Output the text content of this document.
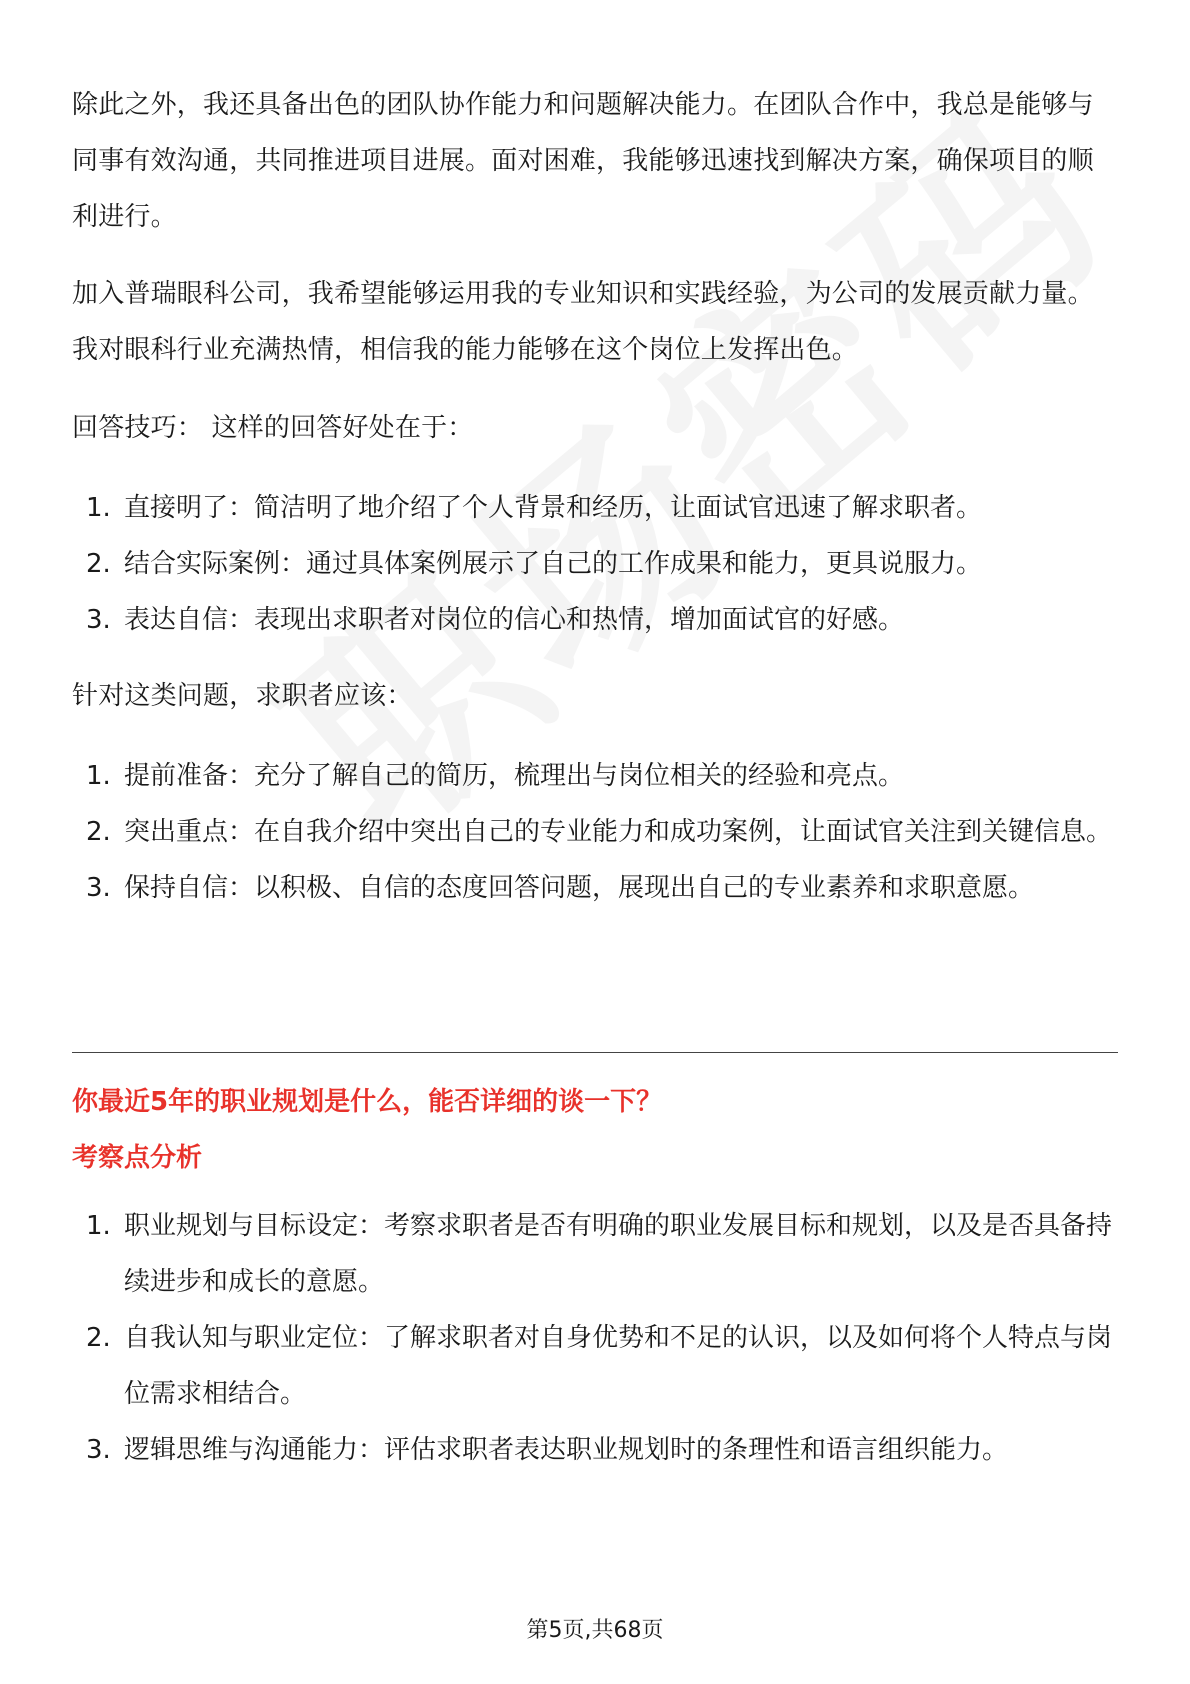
除此之外，我还具备出色的团队协作能力和问题解决能力。在团队合作中，我总是能够与同事有效沟通，共同推进项目进展。面对困难，我能够迅速找到解决方案，确保项目的顺利进行。

加入普瑞眼科公司，我希望能够运用我的专业知识和实践经验，为公司的发展贡献力量。我对眼科行业充满热情，相信我的能力能够在这个岗位上发挥出色。

回答技巧： 这样的回答好处在于：

1. 直接明了：简洁明了地介绍了个人背景和经历，让面试官迅速了解求职者。
2. 结合实际案例：通过具体案例展示了自己的工作成果和能力，更具说服力。
3. 表达自信：表现出求职者对岗位的信心和热情，增加面试官的好感。

针对这类问题，求职者应该：

1. 提前准备：充分了解自己的简历，梳理出与岗位相关的经验和亮点。
2. 突出重点：在自我介绍中突出自己的专业能力和成功案例，让面试官关注到关键信息。
3. 保持自信：以积极、自信的态度回答问题，展现出自己的专业素养和求职意愿。

你最近5年的职业规划是什么，能否详细的谈一下？

考察点分析

1. 职业规划与目标设定：考察求职者是否有明确的职业发展目标和规划，以及是否具备持续进步和成长的意愿。
2. 自我认知与职业定位：了解求职者对自身优势和不足的认识，以及如何将个人特点与岗位需求相结合。
3. 逻辑思维与沟通能力：评估求职者表达职业规划时的条理性和语言组织能力。
第5页,共68页
